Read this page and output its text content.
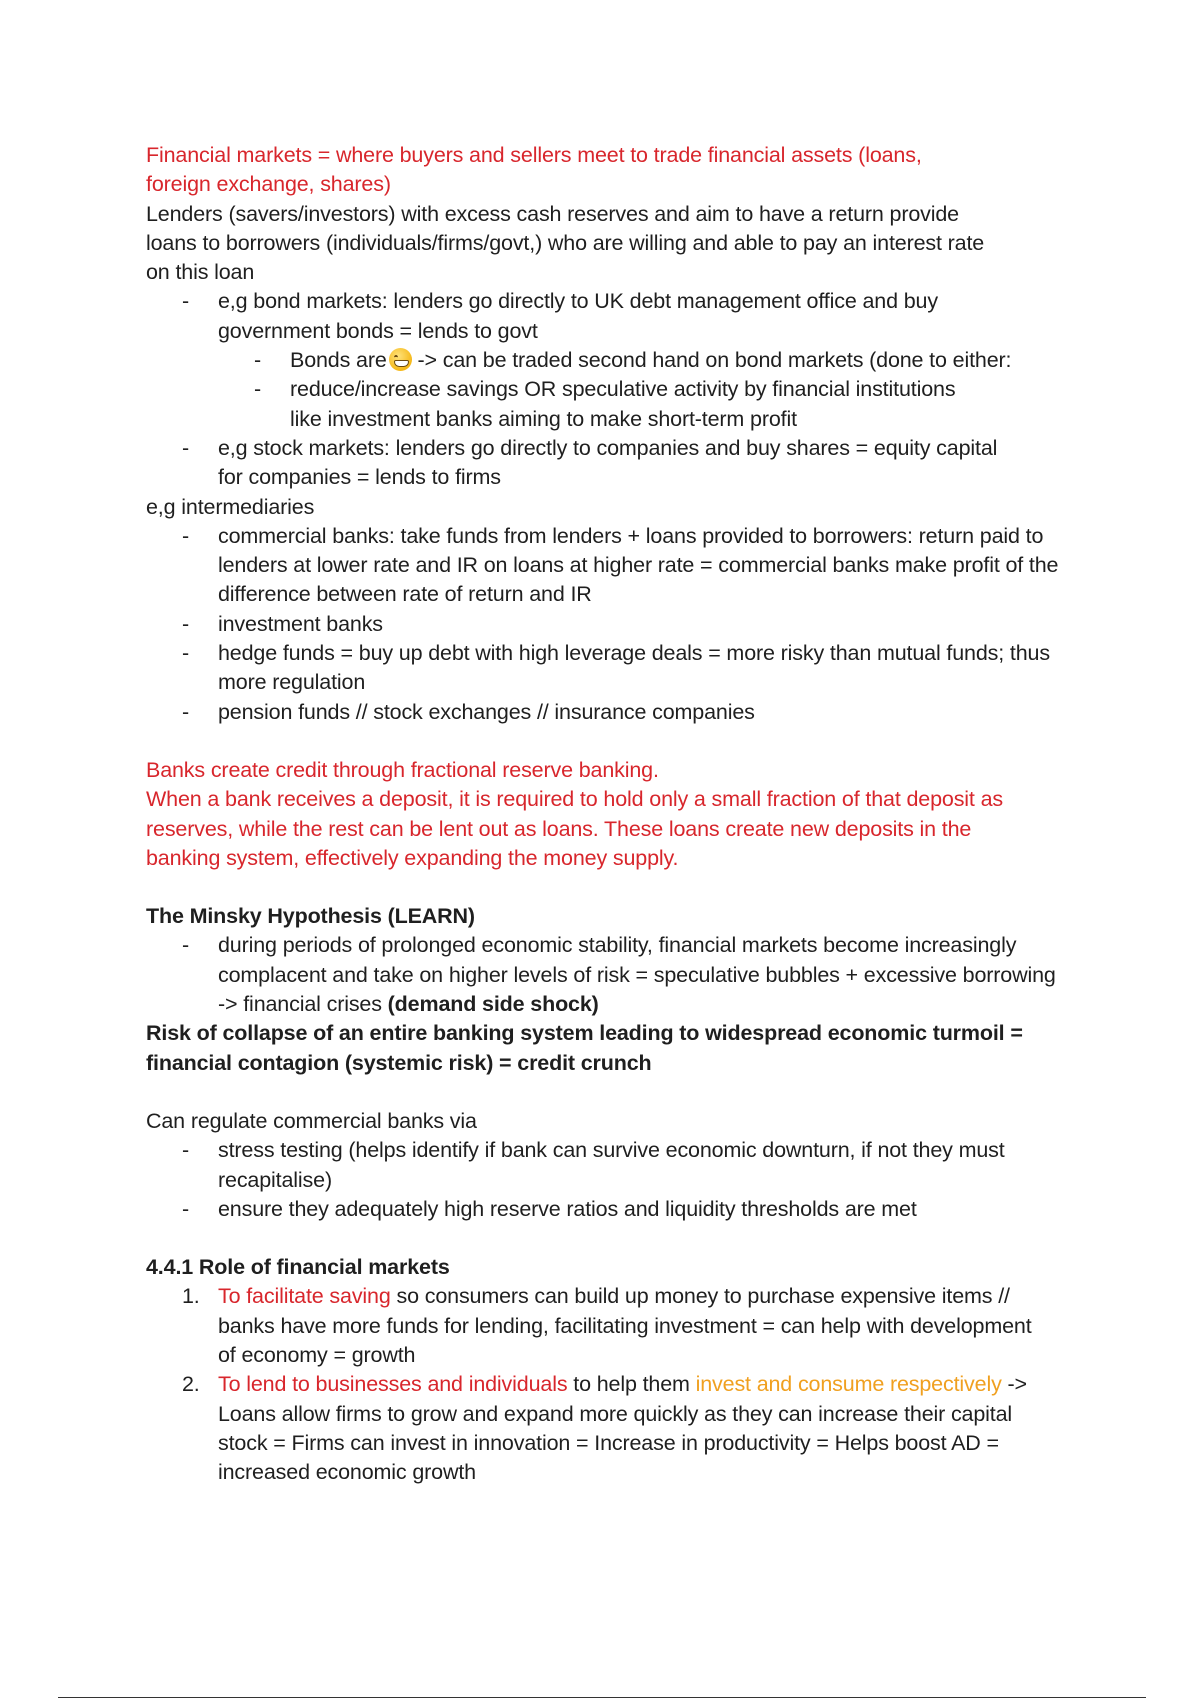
Financial markets = where buyers and sellers meet to trade financial assets (loans, foreign exchange, shares)
Lenders (savers/investors) with excess cash reserves and aim to have a return provide loans to borrowers (individuals/firms/govt,) who are willing and able to pay an interest rate on this loan
- e,g bond markets: lenders go directly to UK debt management office and buy government bonds = lends to govt
- Bonds are -> can be traded second hand on bond markets (done to either:
- reduce/increase savings OR speculative activity by financial institutions like investment banks aiming to make short-term profit
- e,g stock markets: lenders go directly to companies and buy shares = equity capital for companies = lends to firms
e,g intermediaries
- commercial banks: take funds from lenders + loans provided to borrowers: return paid to lenders at lower rate and IR on loans at higher rate = commercial banks make profit of the difference between rate of return and IR
- investment banks
- hedge funds = buy up debt with high leverage deals = more risky than mutual funds; thus more regulation
- pension funds // stock exchanges // insurance companies
Banks create credit through fractional reserve banking.
When a bank receives a deposit, it is required to hold only a small fraction of that deposit as reserves, while the rest can be lent out as loans. These loans create new deposits in the banking system, effectively expanding the money supply.
The Minsky Hypothesis (LEARN)
- during periods of prolonged economic stability, financial markets become increasingly complacent and take on higher levels of risk = speculative bubbles + excessive borrowing -> financial crises (demand side shock)
Risk of collapse of an entire banking system leading to widespread economic turmoil = financial contagion (systemic risk) = credit crunch
Can regulate commercial banks via
- stress testing (helps identify if bank can survive economic downturn, if not they must recapitalise)
- ensure they adequately high reserve ratios and liquidity thresholds are met
4.4.1 Role of financial markets
1. To facilitate saving so consumers can build up money to purchase expensive items // banks have more funds for lending, facilitating investment = can help with development of economy = growth
2. To lend to businesses and individuals to help them invest and consume respectively -> Loans allow firms to grow and expand more quickly as they can increase their capital stock = Firms can invest in innovation = Increase in productivity = Helps boost AD = increased economic growth
